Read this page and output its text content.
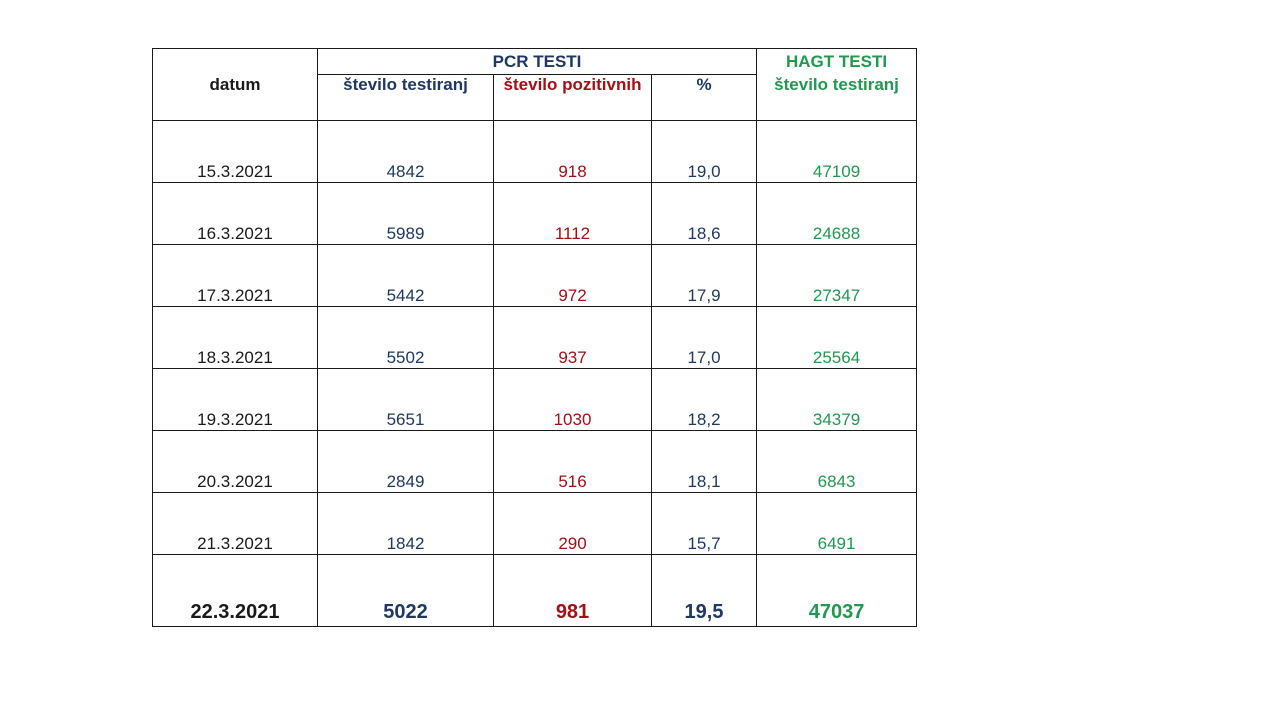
datum	PCR TESTI			HAGT TESTI
	število testiranj	število pozitivnih	%	število testiranj
15.3.2021	4842	918	19,0	47109
16.3.2021	5989	1112	18,6	24688
17.3.2021	5442	972	17,9	27347
18.3.2021	5502	937	17,0	25564
19.3.2021	5651	1030	18,2	34379
20.3.2021	2849	516	18,1	6843
21.3.2021	1842	290	15,7	6491
22.3.2021	5022	981	19,5	47037
